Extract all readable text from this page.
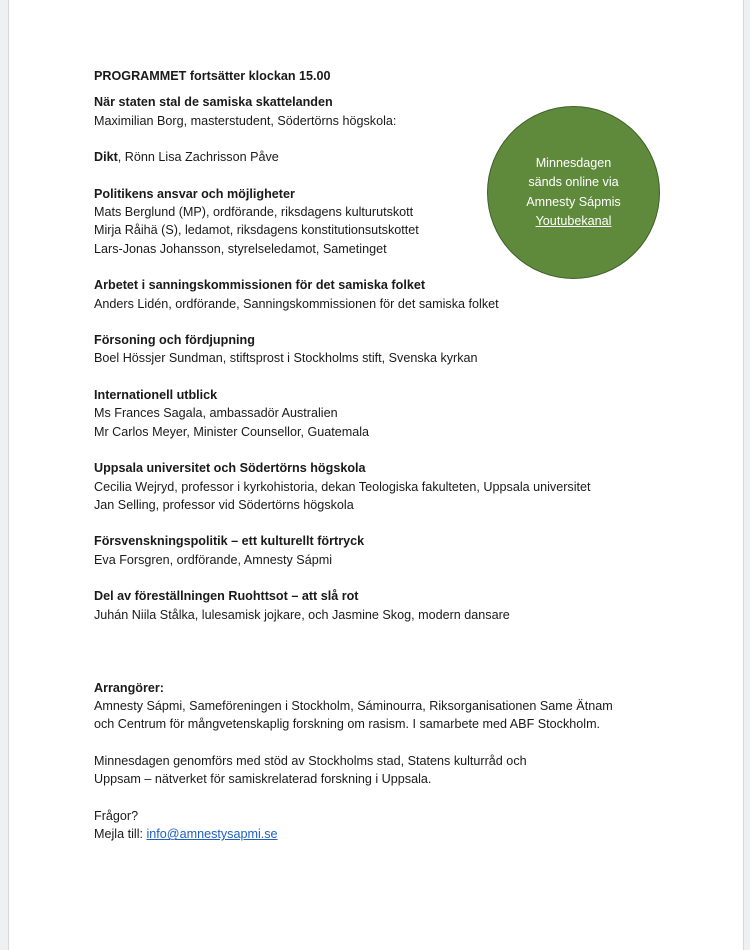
PROGRAMMET fortsätter klockan 15.00
När staten stal de samiska skattelanden
Maximilian Borg, masterstudent, Södertörns högskola:
Dikt, Rönn Lisa Zachrisson Påve
Politikens ansvar och möjligheter
Mats Berglund (MP), ordförande, riksdagens kulturutskott
Mirja Råihä (S), ledamot, riksdagens konstitutionsutskottet
Lars-Jonas Johansson, styrelseledamot, Sametinget
Arbetet i sanningskommissionen för det samiska folket
Anders Lidén, ordförande, Sanningskommissionen för det samiska folket
Försoning och fördjupning
Boel Hössjer Sundman, stiftsprost i Stockholms stift, Svenska kyrkan
Internationell utblick
Ms Frances Sagala, ambassadör Australien
Mr Carlos Meyer, Minister Counsellor, Guatemala
Uppsala universitet och Södertörns högskola
Cecilia Wejryd, professor i kyrkohistoria, dekan Teologiska fakulteten, Uppsala universitet
Jan Selling, professor vid Södertörns högskola
Försvenskningspolitik – ett kulturellt förtryck
Eva Forsgren, ordförande, Amnesty Sápmi
Del av föreställningen Ruohttsot – att slå rot
Juhán Niila Stålka, lulesamisk jojkare, och Jasmine Skog, modern dansare
Arrangörer:
Amnesty Sápmi, Sameföreningen i Stockholm, Sáminourra, Riksorganisationen Same Ätnam
och Centrum för mångvetenskaplig forskning om rasism. I samarbete med ABF Stockholm.
Minnesdagen genomförs med stöd av Stockholms stad, Statens kulturråd och
Uppsam – nätverket för samiskrelaterad forskning i Uppsala.
Frågor?
Mejla till: info@amnestysapmi.se
Minnesdagen
sänds online via
Amnesty Sápmis
Youtubekanal
